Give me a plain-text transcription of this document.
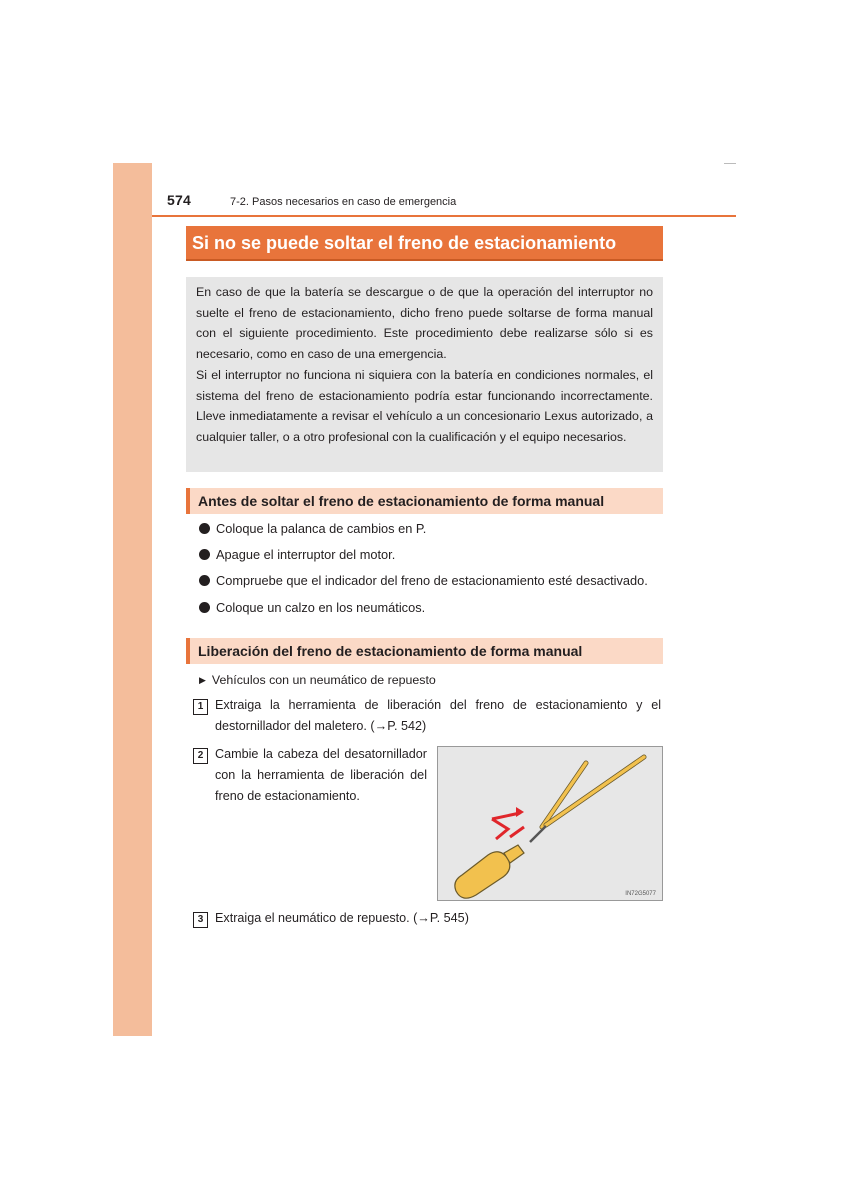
574	7-2. Pasos necesarios en caso de emergencia
Si no se puede soltar el freno de estacionamiento

En caso de que la batería se descargue o de que la operación del interruptor no suelte el freno de estacionamiento, dicho freno puede soltarse de forma manual con el siguiente procedimiento. Este procedimiento debe realizarse sólo si es necesario, como en caso de una emergencia.

Si el interruptor no funciona ni siquiera con la batería en condiciones normales, el sistema del freno de estacionamiento podría estar funcionando incorrectamente. Lleve inmediatamente a revisar el vehículo a un concesionario Lexus autorizado, a cualquier taller, o a otro profesional con la cualificación y el equipo necesarios.

Antes de soltar el freno de estacionamiento de forma manual
Coloque la palanca de cambios en P.
Apague el interruptor del motor.
Compruebe que el indicador del freno de estacionamiento esté desactivado.
Coloque un calzo en los neumáticos.
Liberación del freno de estacionamiento de forma manual
▶ Vehículos con un neumático de repuesto
1 Extraiga la herramienta de liberación del freno de estacionamiento y el destornillador del maletero. (→P. 542)
2 Cambie la cabeza del desatornillador con la herramienta de liberación del freno de estacionamiento.
IN72G5077
3 Extraiga el neumático de repuesto. (→P. 545)
